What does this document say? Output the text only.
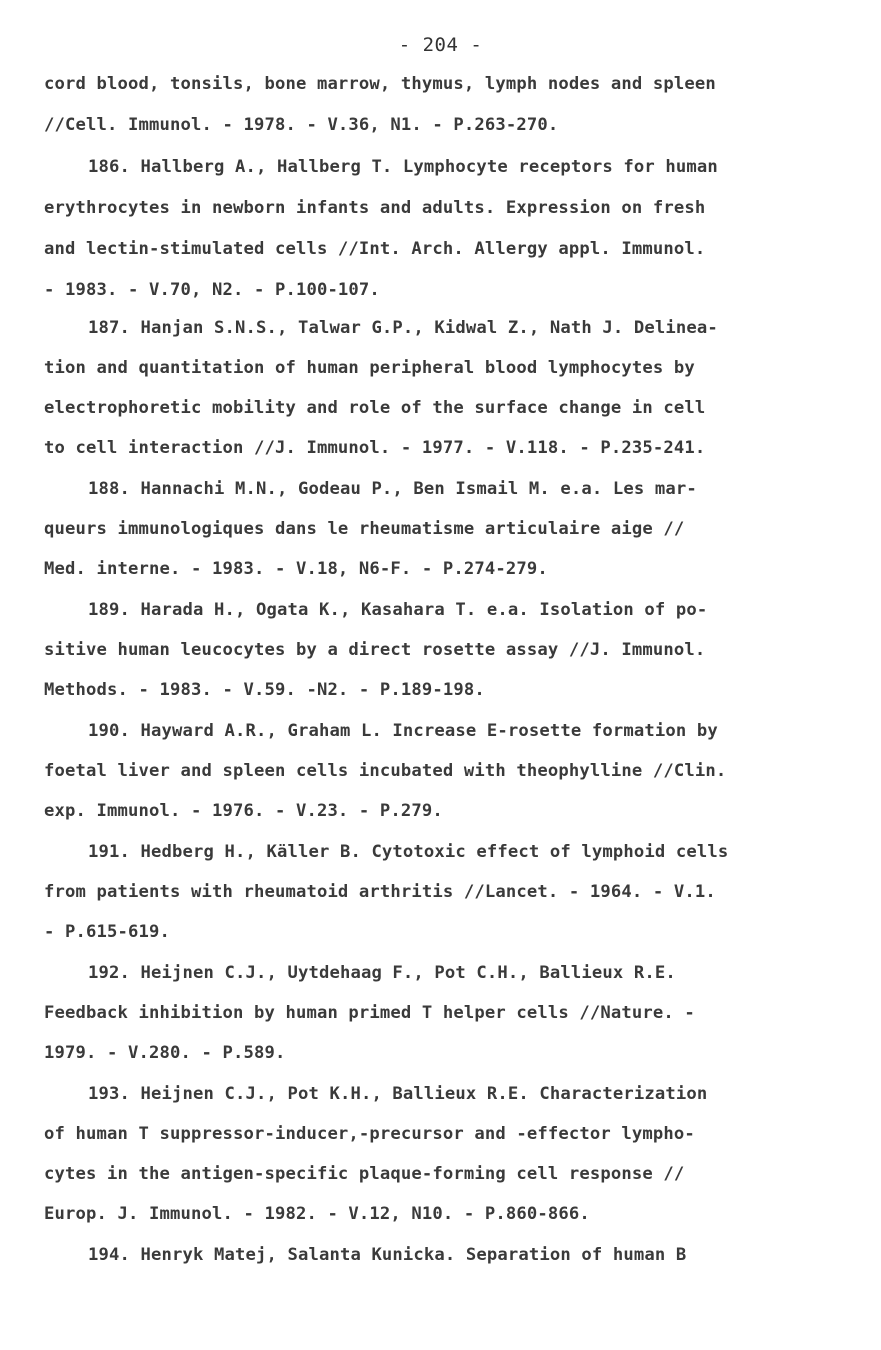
- 204 -
cord blood, tonsils, bone marrow, thymus, lymph nodes and spleen
//Cell. Immunol. - 1978. - V.36, N1. - P.263-270.
186. Hallberg A., Hallberg T. Lymphocyte receptors for human
erythrocytes in newborn infants and adults. Expression on fresh
and lectin-stimulated cells //Int. Arch. Allergy appl. Immunol.
- 1983. - V.70, N2. - P.100-107.
187. Hanjan S.N.S., Talwar G.P., Kidwal Z., Nath J. Delinea-
tion and quantitation of human peripheral blood lymphocytes by
electrophoretic mobility and role of the surface change in cell
to cell interaction //J. Immunol. - 1977. - V.118. - P.235-241.
188. Hannachi M.N., Godeau P., Ben Ismail M. e.a. Les mar-
queurs immunologiques dans le rheumatisme articulaire aige //
Med. interne. - 1983. - V.18, N6-F. - P.274-279.
189. Harada H., Ogata K., Kasahara T. e.a. Isolation of po-
sitive human leucocytes by a direct rosette assay //J. Immunol.
Methods. - 1983. - V.59. -N2. - P.189-198.
190. Hayward A.R., Graham L. Increase E-rosette formation by
foetal liver and spleen cells incubated with theophylline //Clin.
exp. Immunol. - 1976. - V.23. - P.279.
191. Hedberg H., Käller B. Cytotoxic effect of lymphoid cells
from patients with rheumatoid arthritis //Lancet. - 1964. - V.1.
- P.615-619.
192. Heijnen C.J., Uytdehaag F., Pot C.H., Ballieux R.E.
Feedback inhibition by human primed T helper cells //Nature. -
1979. - V.280. - P.589.
193. Heijnen C.J., Pot K.H., Ballieux R.E. Characterization
of human T suppressor-inducer,-precursor and -effector lympho-
cytes in the antigen-specific plaque-forming cell response //
Europ. J. Immunol. - 1982. - V.12, N10. - P.860-866.
194. Henryk Matej, Salanta Kunicka. Separation of human B
